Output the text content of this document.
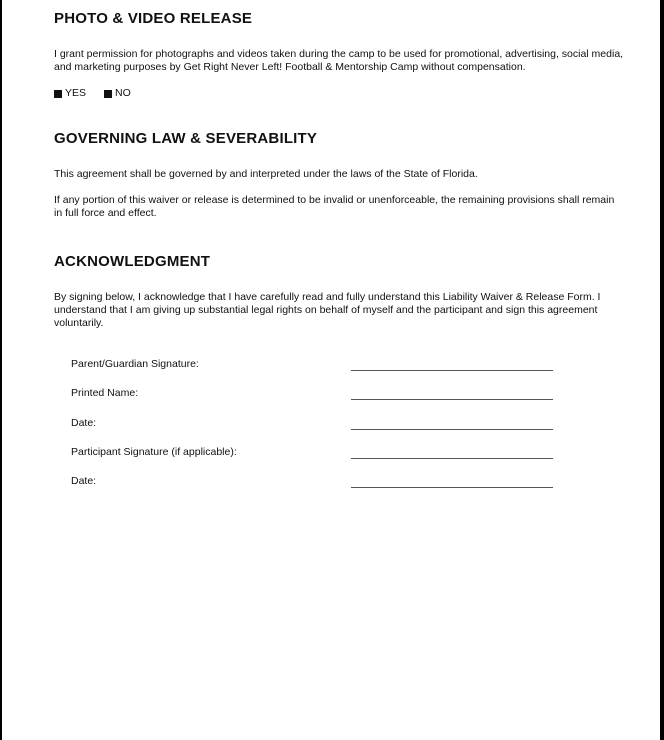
PHOTO & VIDEO RELEASE

I grant permission for photographs and videos taken during the camp to be used for promotional, advertising, social media, and marketing purposes by Get Right Never Left! Football & Mentorship Camp without compensation.

YES	NO
GOVERNING LAW & SEVERABILITY

This agreement shall be governed by and interpreted under the laws of the State of Florida.

If any portion of this waiver or release is determined to be invalid or unenforceable, the remaining provisions shall remain in full force and effect.

ACKNOWLEDGMENT

By signing below, I acknowledge that I have carefully read and fully understand this Liability Waiver & Release Form. I understand that I am giving up substantial legal rights on behalf of myself and the participant and sign this agreement voluntarily.

Parent/Guardian Signature:
Printed Name:
Date:
Participant Signature (if applicable):
Date:
